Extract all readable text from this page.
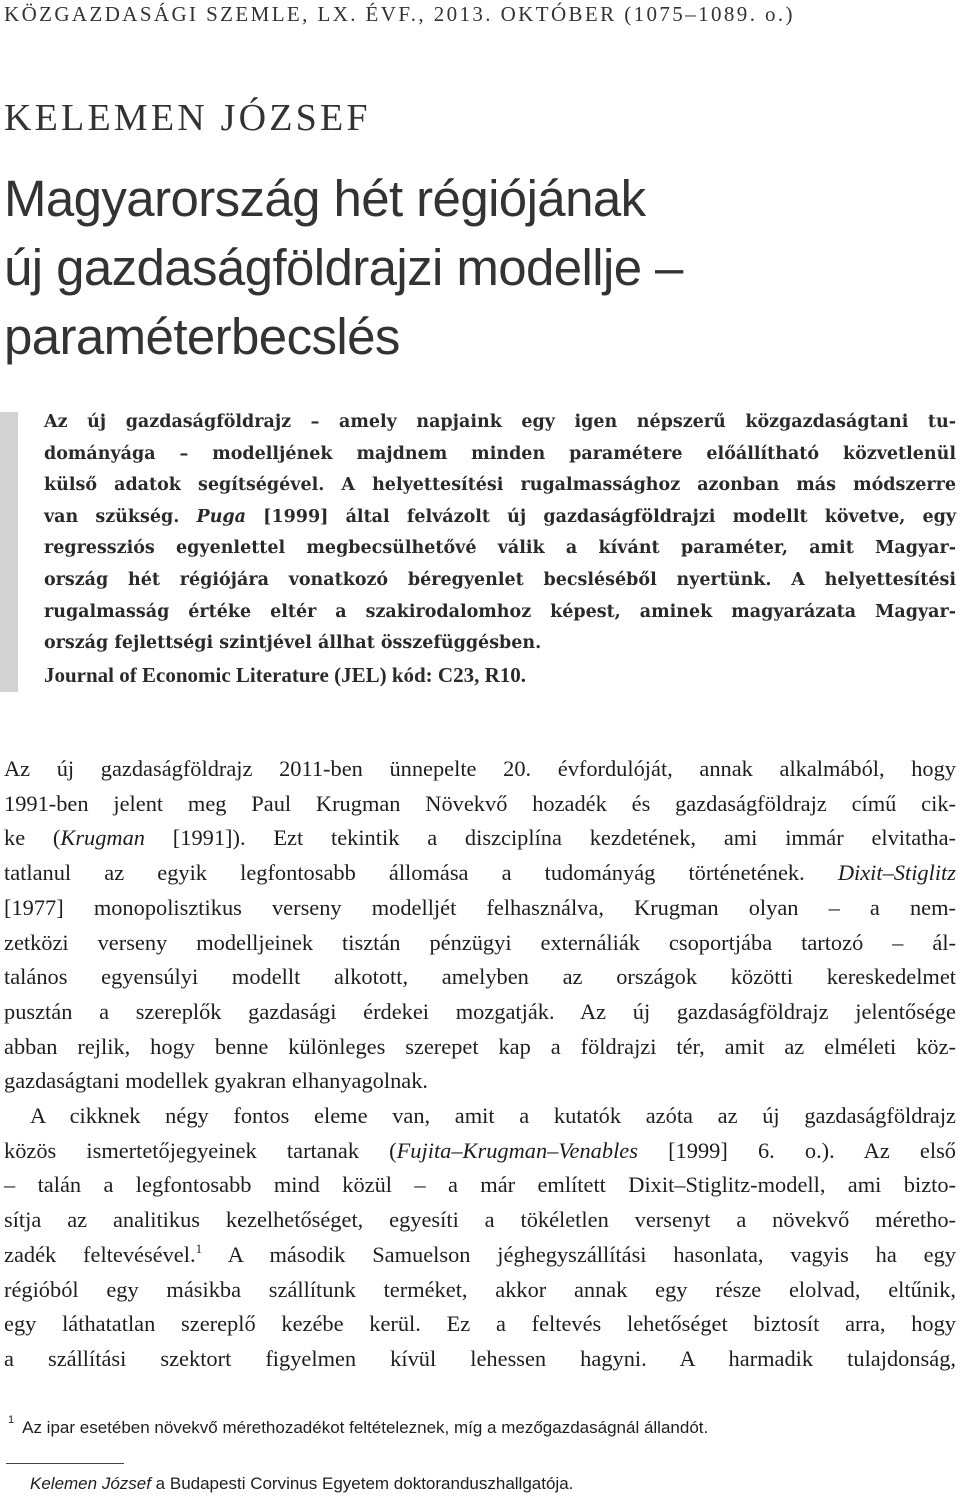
KÖZGAZDASÁGI SZEMLE, LX. ÉVF., 2013. OKTÓBER (1075–1089. o.)

KELEMEN JÓZSEF
Magyarország hét régiójának
új gazdaságföldrajzi modellje –
paraméterbecslés
Az új gazdaságföldrajz – amely napjaink egy igen népszerű közgazdaságtani tu-
dományága – modelljének majdnem minden paramétere előállítható közvetlenül
külső adatok segítségével. A helyettesítési rugalmassághoz azonban más módszerre
van szükség. Puga [1999] által felvázolt új gazdaságföldrajzi modellt követve, egy
regressziós egyenlettel megbecsülhetővé válik a kívánt paraméter, amit Magyar-
ország hét régiójára vonatkozó béregyenlet becsléséből nyertünk. A helyettesítési
rugalmasság értéke eltér a szakirodalomhoz képest, aminek magyarázata Magyar-
ország fejlettségi szintjével állhat összefüggésben.
Journal of Economic Literature (JEL) kód: C23, R10.
Az új gazdaságföldrajz 2011-ben ünnepelte 20. évfordulóját, annak alkalmából, hogy
1991-ben jelent meg Paul Krugman Növekvő hozadék és gazdaságföldrajz című cik-
ke (Krugman [1991]). Ezt tekintik a diszciplína kezdetének, ami immár elvitatha-
tatlanul az egyik legfontosabb állomása a tudományág történetének. Dixit–Stiglitz
[1977] monopolisztikus verseny modelljét felhasználva, Krugman olyan – a nem-
zetközi verseny modelljeinek tisztán pénzügyi externáliák csoportjába tartozó – ál-
talános egyensúlyi modellt alkotott, amelyben az országok közötti kereskedelmet
pusztán a szereplők gazdasági érdekei mozgatják. Az új gazdaságföldrajz jelentősége
abban rejlik, hogy benne különleges szerepet kap a földrajzi tér, amit az elméleti köz-
gazdaságtani modellek gyakran elhanyagolnak.
A cikknek négy fontos eleme van, amit a kutatók azóta az új gazdaságföldrajz
közös ismertetőjegyeinek tartanak (Fujita–Krugman–Venables [1999] 6. o.). Az első
– talán a legfontosabb mind közül – a már említett Dixit–Stiglitz-modell, ami bizto-
sítja az analitikus kezelhetőséget, egyesíti a tökéletlen versenyt a növekvő méretho-
zadék feltevésével.$^1$ A második Samuelson jéghegyszállítási hasonlata, vagyis ha egy
régióból egy másikba szállítunk terméket, akkor annak egy része elolvad, eltűnik,
egy láthatatlan szereplő kezébe kerül. Ez a feltevés lehetőséget biztosít arra, hogy
a szállítási szektort figyelmen kívül lehessen hagyni. A harmadik tulajdonság,

$^1$ Az ipar esetében növekvő mérethozadékot feltételeznek, míg a mezőgazdaságnál állandót.

Kelemen József a Budapesti Corvinus Egyetem doktoranduszhallgatója.
